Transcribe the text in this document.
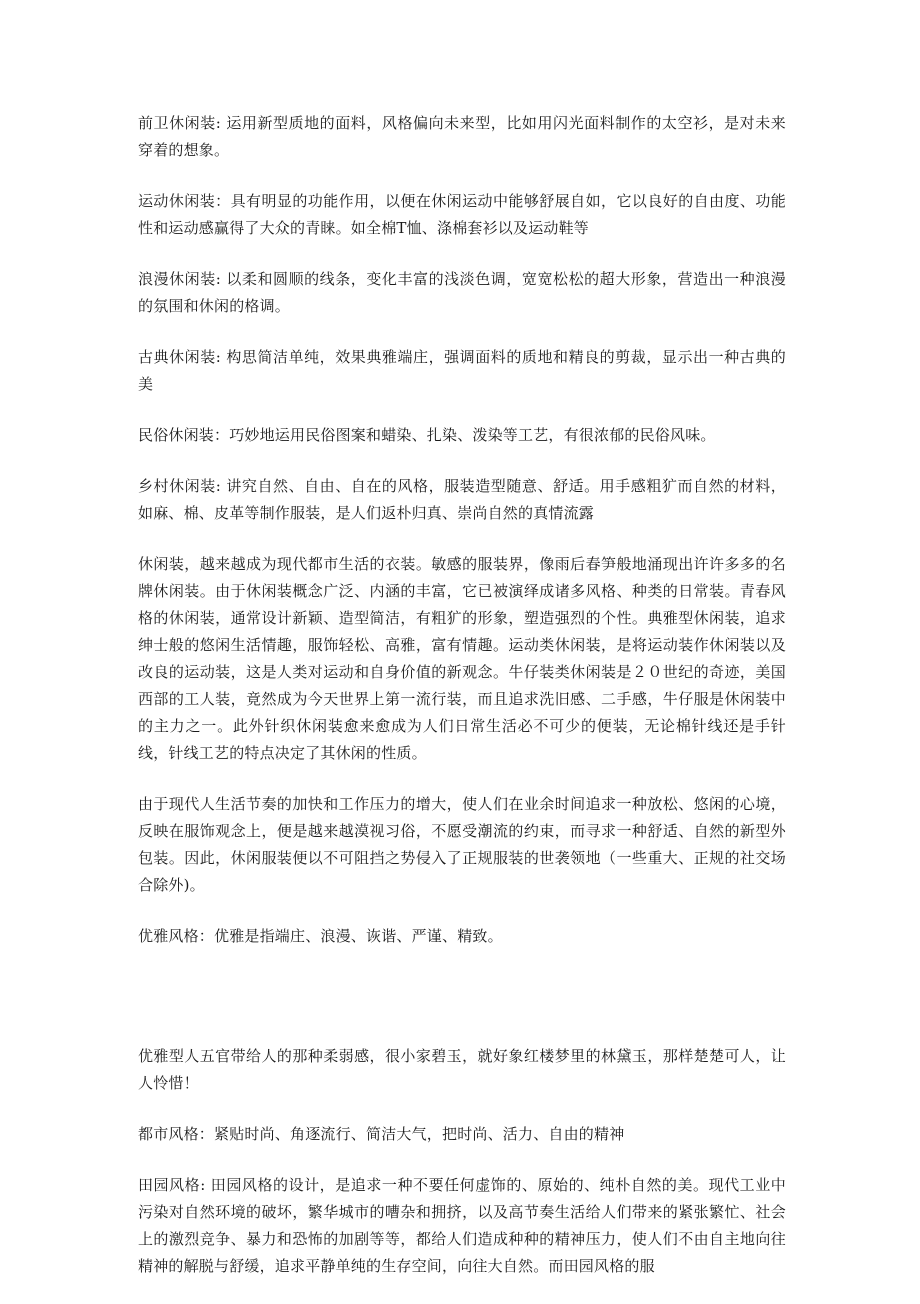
前卫休闲装: 运用新型质地的面料，风格偏向未来型，比如用闪光面料制作的太空衫，是对未来穿着的想象。

运动休闲装：具有明显的功能作用，以便在休闲运动中能够舒展自如，它以良好的自由度、功能性和运动感赢得了大众的青睐。如全棉T恤、涤棉套衫以及运动鞋等

浪漫休闲装: 以柔和圆顺的线条，变化丰富的浅淡色调，宽宽松松的超大形象，营造出一种浪漫的氛围和休闲的格调。

古典休闲装: 构思简洁单纯，效果典雅端庄，强调面料的质地和精良的剪裁，显示出一种古典的美

民俗休闲装：巧妙地运用民俗图案和蜡染、扎染、泼染等工艺，有很浓郁的民俗风味。

乡村休闲装: 讲究自然、自由、自在的风格，服装造型随意、舒适。用手感粗犷而自然的材料，如麻、棉、皮革等制作服装，是人们返朴归真、崇尚自然的真情流露

休闲装，越来越成为现代都市生活的衣装。敏感的服装界，像雨后春笋般地涌现出许许多多的名牌休闲装。由于休闲装概念广泛、内涵的丰富，它已被演绎成诸多风格、种类的日常装。青春风格的休闲装，通常设计新颖、造型简洁，有粗犷的形象，塑造强烈的个性。典雅型休闲装，追求绅士般的悠闲生活情趣，服饰轻松、高雅，富有情趣。运动类休闲装，是将运动装作休闲装以及改良的运动装，这是人类对运动和自身价值的新观念。牛仔装类休闲装是２０世纪的奇迹，美国西部的工人装，竟然成为今天世界上第一流行装，而且追求洗旧感、二手感，牛仔服是休闲装中的主力之一。此外针织休闲装愈来愈成为人们日常生活必不可少的便装，无论棉针线还是手针线，针线工艺的特点决定了其休闲的性质。

由于现代人生活节奏的加快和工作压力的增大，使人们在业余时间追求一种放松、悠闲的心境，反映在服饰观念上，便是越来越漠视习俗，不愿受潮流的约束，而寻求一种舒适、自然的新型外包装。因此，休闲服装便以不可阻挡之势侵入了正规服装的世袭领地（一些重大、正规的社交场合除外)。

优雅风格：优雅是指端庄、浪漫、诙谐、严谨、精致。

优雅型人五官带给人的那种柔弱感，很小家碧玉，就好象红楼梦里的林黛玉，那样楚楚可人，让人怜惜！

都市风格：紧贴时尚、角逐流行、简洁大气，把时尚、活力、自由的精神

田园风格: 田园风格的设计，是追求一种不要任何虚饰的、原始的、纯朴自然的美。现代工业中污染对自然环境的破坏，繁华城市的嘈杂和拥挤，以及高节奏生活给人们带来的紧张繁忙、社会上的激烈竞争、暴力和恐怖的加剧等等，都给人们造成种种的精神压力，使人们不由自主地向往精神的解脱与舒缓，追求平静单纯的生存空间，向往大自然。而田园风格的服
